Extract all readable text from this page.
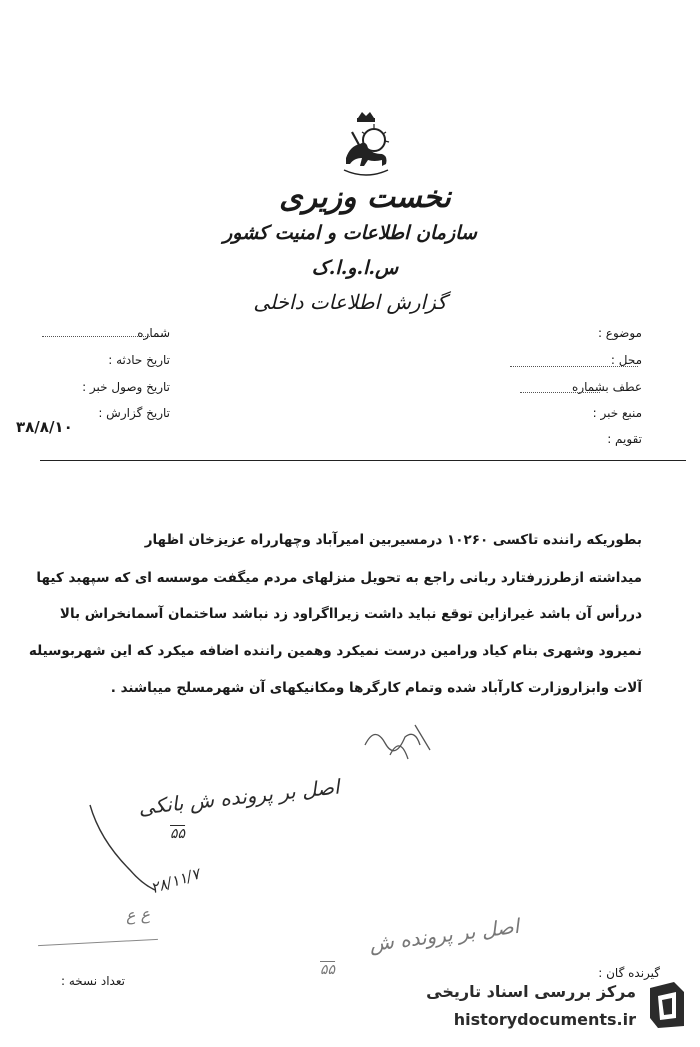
نخست وزیری
سازمان اطلاعات و امنیت کشور
س.ا.و.ا.ک
گزارش اطلاعات داخلی
موضوع :
محل :
عطف بشماره
منبع خبر :
تقویم :
شماره
تاریخ حادثه :
تاریخ وصول خبر :
تاریخ گزارش :
۳۸/۸/۱۰
بطوریکه راننده تاکسی ۱۰۲۶۰ درمسیربین امیرآباد وچهارراه عزیزخان اظهار
میداشته ازطرزرفتارد ربانی راجع به تحویل منزلهای مردم میگفت موسسه ای که سپهبد کیها
دررأس آن باشد غیرازاین توقع نباید داشت زیرااگراود زد نباشد ساختمان آسمانخراش بالا
نمیرود وشهری بنام کیاد ورامین درست نمیکرد وهمین راننده اضافه میکرد که این شهربوسیله
آلات وابزاروزارت کارآباد شده وتمام کارگرها ومکانیکهای آن شهرمسلح میباشند .
اصل بر پرونده ش بانکی
۵۵
۲۸/۱۱/۷
ع ع	اصل بر پرونده ش
۵۵	گیرنده گان :
تعداد نسخه :
مرکز بررسی اسناد تاریخی
historydocuments.ir
